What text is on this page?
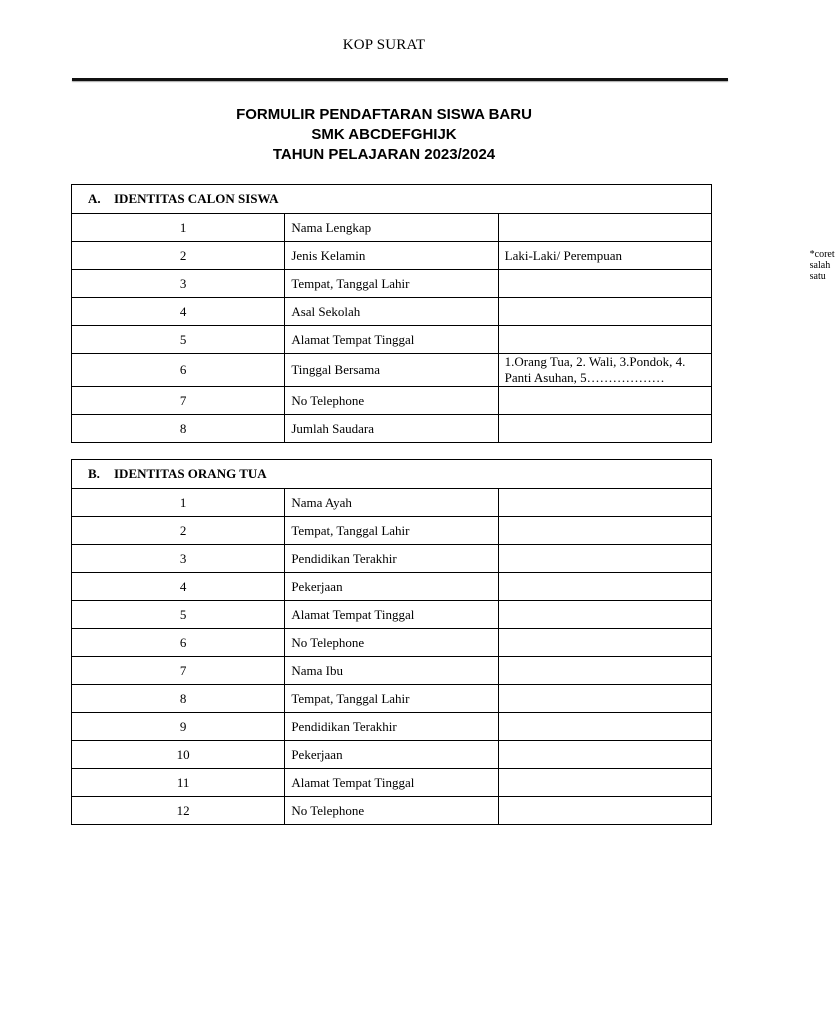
KOP SURAT
FORMULIR PENDAFTARAN SISWA BARU
SMK ABCDEFGHIJK
TAHUN PELAJARAN 2023/2024
A. IDENTITAS CALON SISWA		
1	Nama Lengkap	
2	Jenis Kelamin	Laki-Laki/ Perempuan *coret salah satu

3	Tempat, Tanggal Lahir	
4	Asal Sekolah	
5	Alamat Tempat Tinggal	
6	Tinggal Bersama	1.Orang Tua, 2. Wali, 3.Pondok, 4. Panti Asuhan, 5………………
7	No Telephone	
8	Jumlah Saudara	
B. IDENTITAS ORANG TUA		
1	Nama Ayah	
2	Tempat, Tanggal Lahir	
3	Pendidikan Terakhir	
4	Pekerjaan	
5	Alamat Tempat Tinggal	
6	No Telephone	
7	Nama Ibu	
8	Tempat, Tanggal Lahir	
9	Pendidikan Terakhir	
10	Pekerjaan	
11	Alamat Tempat Tinggal	
12	No Telephone	
